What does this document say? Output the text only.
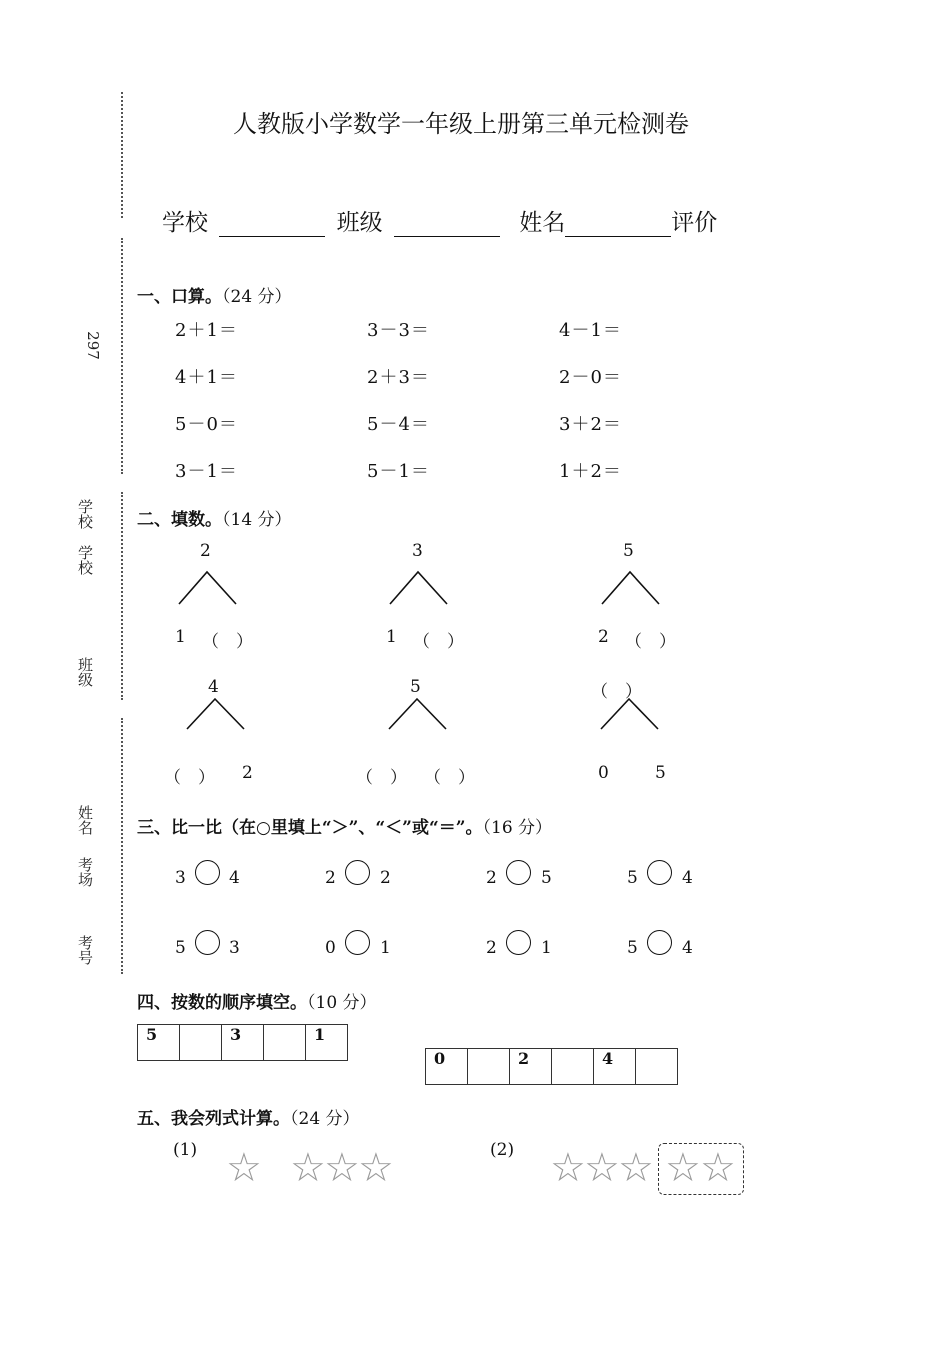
297
学校
学校
班级
姓名
考场
考号
人教版小学数学一年级上册第三单元检测卷
学校	班级	姓名	评价
一、口算。（24 分）
2＋1＝	3－3＝	4－1＝
4＋1＝	2＋3＝	2－0＝
5－0＝	5－4＝	3＋2＝
3－1＝	5－1＝	1＋2＝
二、填数。（14 分）
2
1 （　）
3
1 （　）
5
2 （　）
4
（　） 2
5
（　） （　）
（　）
0	5
三、比一比（在○里填上“＞”、“＜”或“＝”。（16 分）
3	4	2	2	2	5	5	4
5	3	0	1	2	1	5	4
四、按数的顺序填空。（10 分）
5		3		1
0		2		4	
五、我会列式计算。（24 分）
(1) ☆ ☆
☆
☆	(2) ☆
☆
☆ ☆ ☆
